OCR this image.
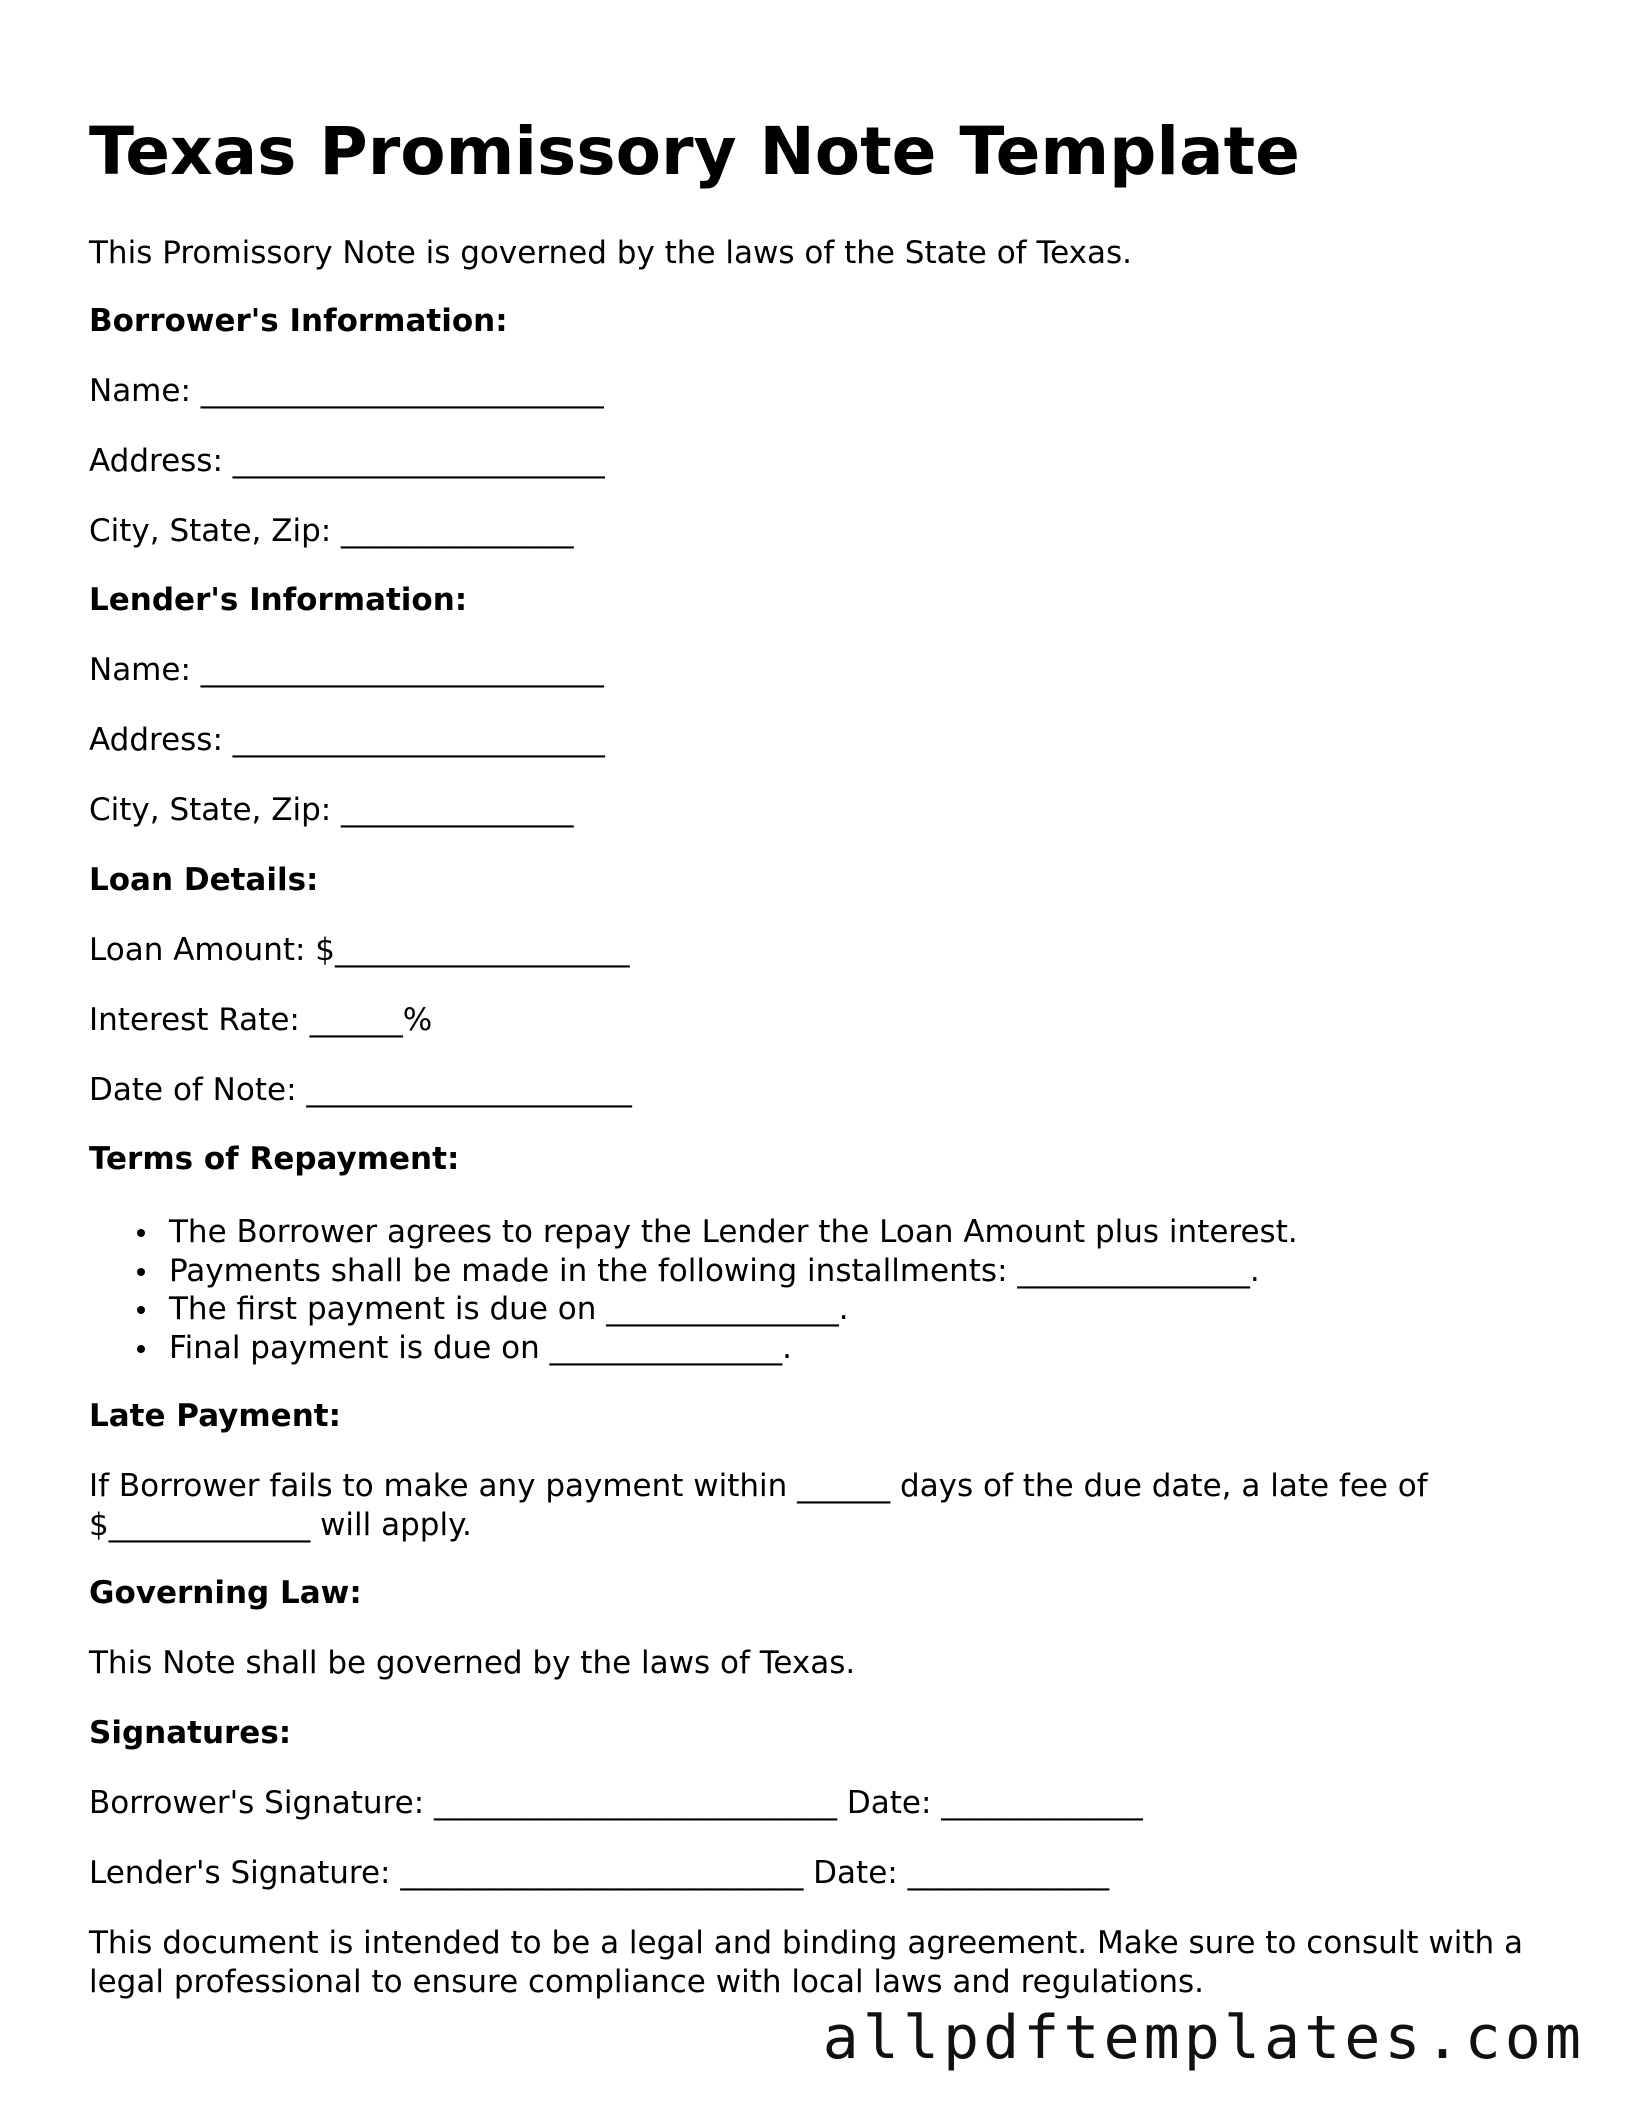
Texas Promissory Note Template

This Promissory Note is governed by the laws of the State of Texas.

Borrower's Information:

Name: __________________________

Address: ________________________

City, State, Zip: _______________

Lender's Information:

Name: __________________________

Address: ________________________

City, State, Zip: _______________

Loan Details:

Loan Amount: $___________________

Interest Rate: ______%

Date of Note: _____________________

Terms of Repayment:

The Borrower agrees to repay the Lender the Loan Amount plus interest.
Payments shall be made in the following installments: _______________.
The first payment is due on _______________.
Final payment is due on _______________.

Late Payment:

If Borrower fails to make any payment within ______ days of the due date, a late fee of $_____________ will apply.

Governing Law:

This Note shall be governed by the laws of Texas.

Signatures:

Borrower's Signature: __________________________ Date: _____________

Lender's Signature: __________________________ Date: _____________

This document is intended to be a legal and binding agreement. Make sure to consult with a legal professional to ensure compliance with local laws and regulations.

allpdftemplates.com
